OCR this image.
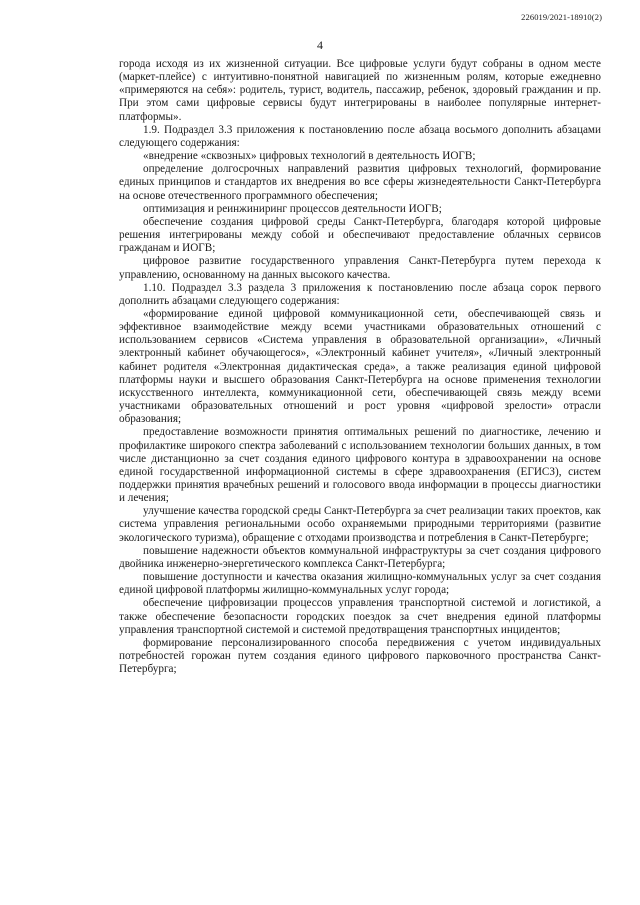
226019/2021-18910(2)
4

города исходя из их жизненной ситуации. Все цифровые услуги будут собраны в одном месте (маркет-плейсе) с интуитивно-понятной навигацией по жизненным ролям, которые ежедневно «примеряются на себя»: родитель, турист, водитель, пассажир, ребенок, здоровый гражданин и пр. При этом сами цифровые сервисы будут интегрированы в наиболее популярные интернет-платформы».

1.9. Подраздел 3.3 приложения к постановлению после абзаца восьмого дополнить абзацами следующего содержания:

«внедрение «сквозных» цифровых технологий в деятельность ИОГВ;

определение долгосрочных направлений развития цифровых технологий, формирование единых принципов и стандартов их внедрения во все сферы жизнедеятельности Санкт-Петербурга на основе отечественного программного обеспечения;

оптимизация и реинжиниринг процессов деятельности ИОГВ;

обеспечение создания цифровой среды Санкт-Петербурга, благодаря которой цифровые решения интегрированы между собой и обеспечивают предоставление облачных сервисов гражданам и ИОГВ;

цифровое развитие государственного управления Санкт-Петербурга путем перехода к управлению, основанному на данных высокого качества.

1.10. Подраздел 3.3 раздела 3 приложения к постановлению после абзаца сорок первого дополнить абзацами следующего содержания:

«формирование единой цифровой коммуникационной сети, обеспечивающей связь и эффективное взаимодействие между всеми участниками образовательных отношений с использованием сервисов «Система управления в образовательной организации», «Личный электронный кабинет обучающегося», «Электронный кабинет учителя», «Личный электронный кабинет родителя «Электронная дидактическая среда», а также реализация единой цифровой платформы науки и высшего образования Санкт-Петербурга на основе применения технологии искусственного интеллекта, коммуникационной сети, обеспечивающей связь между всеми участниками образовательных отношений и рост уровня «цифровой зрелости» отрасли образования;

предоставление возможности принятия оптимальных решений по диагностике, лечению и профилактике широкого спектра заболеваний с использованием технологии больших данных, в том числе дистанционно за счет создания единого цифрового контура в здравоохранении на основе единой государственной информационной системы в сфере здравоохранения (ЕГИСЗ), систем поддержки принятия врачебных решений и голосового ввода информации в процессы диагностики и лечения;

улучшение качества городской среды Санкт-Петербурга за счет реализации таких проектов, как система управления региональными особо охраняемыми природными территориями (развитие экологического туризма), обращение с отходами производства и потребления в Санкт-Петербурге;

повышение надежности объектов коммунальной инфраструктуры за счет создания цифрового двойника инженерно-энергетического комплекса Санкт-Петербурга;

повышение доступности и качества оказания жилищно-коммунальных услуг за счет создания единой цифровой платформы жилищно-коммунальных услуг города;

обеспечение цифровизации процессов управления транспортной системой и логистикой, а также обеспечение безопасности городских поездок за счет внедрения единой платформы управления транспортной системой и системой предотвращения транспортных инцидентов;

формирование персонализированного способа передвижения с учетом индивидуальных потребностей горожан путем создания единого цифрового парковочного пространства Санкт-Петербурга;
